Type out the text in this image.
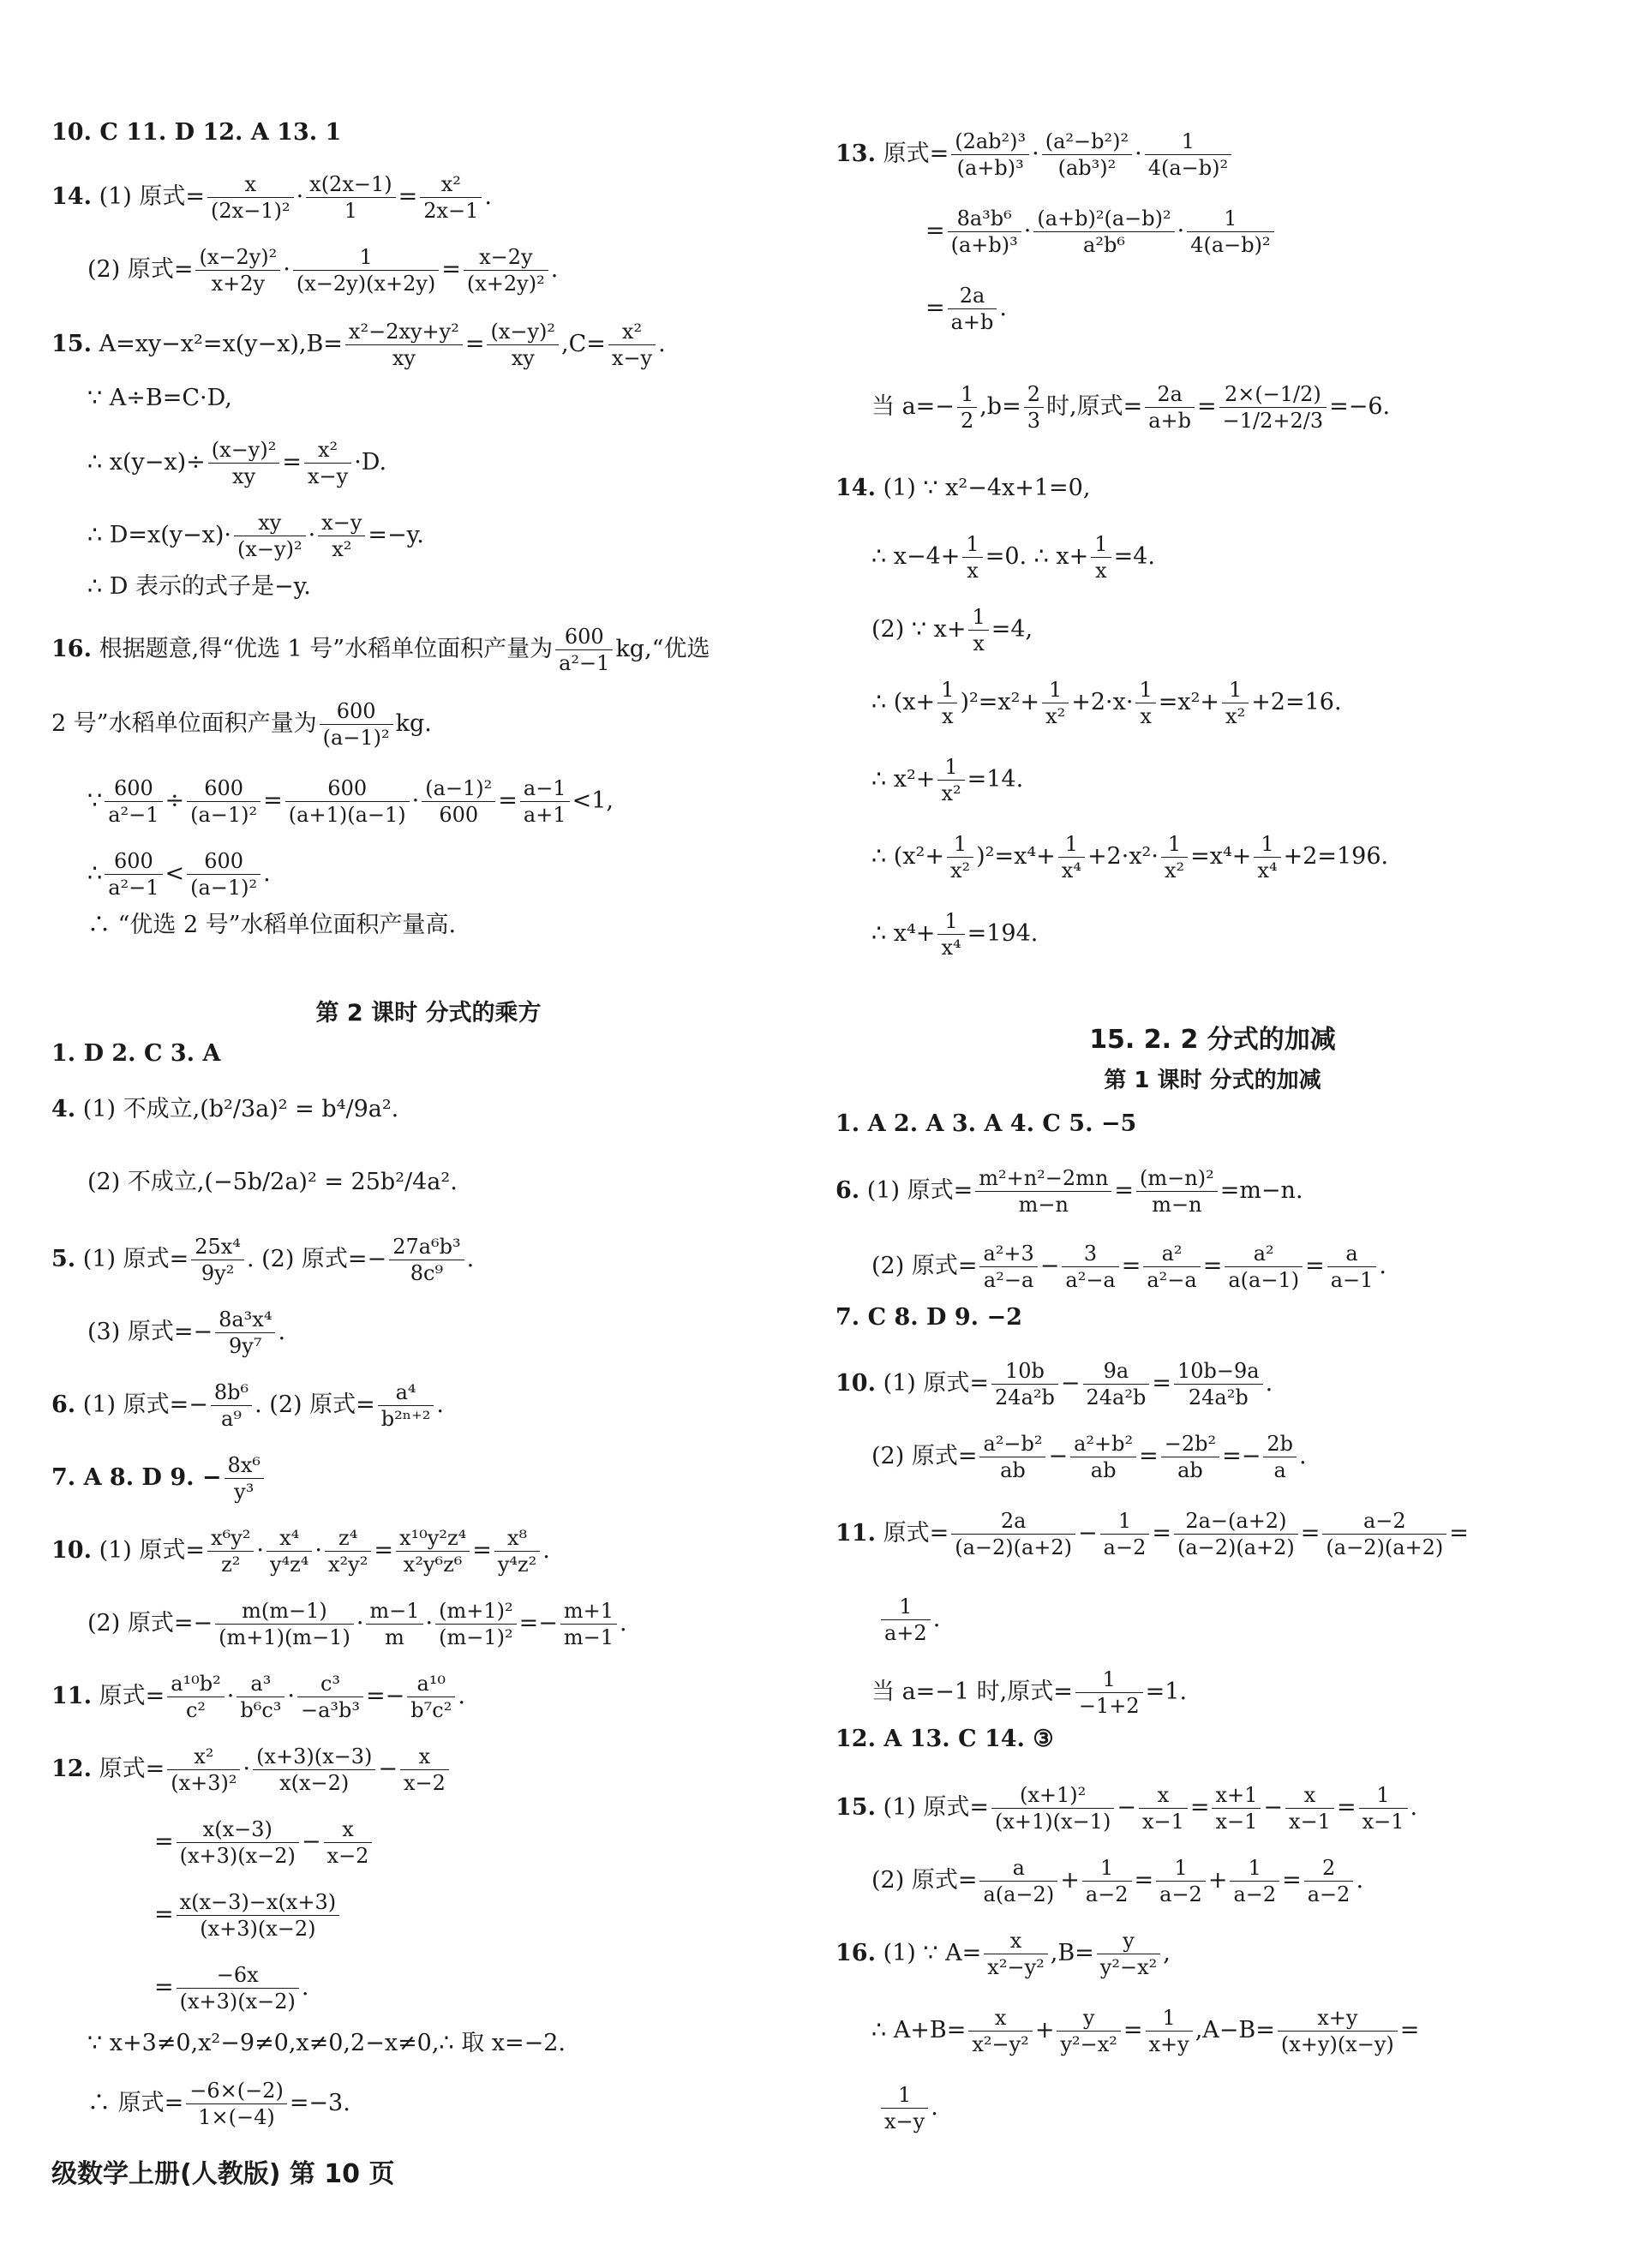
10. C 11. D 12. A 13. 1
14. (1) 原式= $\frac{x}{\text{(2x−1)²}} \cdot \frac{x(2x-1)}{1} = \frac{\text{x²}}{2x-1}$ .
(2) 原式= $\frac{\text{(x−2y)²}}{x+2y} \cdot \frac{1}{(x-2y)(x+2y)} = \frac{x-2y}{\text{(x+2y)²}}$ .
15. $A=xy-x^2=x(y-x),B= \frac{\text{x²−2xy+y²}}{xy} = \frac{\text{(x−y)²}}{xy} ,C= \frac{\text{x²}}{x-y}$ .
∵ A÷B=C·D,
∴ $x(y-x)\div \frac{\text{(x−y)²}}{xy} = \frac{\text{x²}}{x-y} \cdot D$.
∴ $D=x(y-x)\cdot \frac{xy}{\text{(x−y)²}} \cdot \frac{x-y}{\text{x²}} =-y$.
∴ D 表示的式子是−y.
16. 根据题意,得“优选 1 号”水稻单位面积产量为 $\frac{600}{\text{a²−1}}$ kg,“优选
2 号”水稻单位面积产量为 $\frac{600}{\text{(a−1)²}}$ kg.
∵ $\frac{600}{\text{a²−1}} \div \frac{600}{\text{(a−1)²}} = \frac{600}{(a+1)(a-1)} \cdot \frac{\text{(a−1)²}}{600} = \frac{a-1}{a+1} <1$,
∴ $\frac{600}{\text{a²−1}} < \frac{600}{\text{(a−1)²}}$ .
∴ “优选 2 号”水稻单位面积产量高.
第 2 课时 分式的乘方
1. D 2. C 3. A
4. (1) 不成立,(b²/3a)² = b⁴/9a².
(2) 不成立,(−5b/2a)² = 25b²/4a².
5. (1) 原式= $\frac{\text{25x⁴}}{\text{9y²}}$ . (2) 原式=− $\frac{\text{27a⁶b³}}{\text{8c⁹}}$ .
(3) 原式=− $\frac{\text{8a³x⁴}}{\text{9y⁷}}$ .
6. (1) 原式=− $\frac{\text{8b⁶}}{\text{a⁹}}$ . (2) 原式= $\frac{\text{a⁴}}{\text{b²ⁿ⁺²}}$ .
7. A 8. D 9. − $\frac{\text{8x⁶}}{\text{y³}}$
10. (1) 原式= $\frac{\text{x⁶y²}}{\text{z²}} \cdot \frac{\text{x⁴}}{\text{y⁴z⁴}} \cdot \frac{\text{z⁴}}{\text{x²y²}} = \frac{\text{x¹⁰y²z⁴}}{\text{x²y⁶z⁶}} = \frac{\text{x⁸}}{\text{y⁴z²}}$ .
(2) 原式=− $\frac{m(m-1)}{(m+1)(m-1)} \cdot \frac{m-1}{m} \cdot \frac{\text{(m+1)²}}{\text{(m−1)²}} =- \frac{m+1}{m-1}$ .
11. 原式= $\frac{\text{a¹⁰b²}}{\text{c²}} \cdot \frac{\text{a³}}{\text{b⁶c³}} \cdot \frac{\text{c³}}{\text{−a³b³}} =- \frac{\text{a¹⁰}}{\text{b⁷c²}}$ .
12. 原式= $\frac{\text{x²}}{\text{(x+3)²}} \cdot \frac{(x+3)(x-3)}{x(x-2)} - \frac{x}{x-2}$
= $\frac{x(x-3)}{(x+3)(x-2)} - \frac{x}{x-2}$
= $\frac{x(x-3)-x(x+3)}{(x+3)(x-2)}$
= $\frac{-6x}{(x+3)(x-2)}$ .
∵ x+3≠0,x²−9≠0,x≠0,2−x≠0,∴ 取 x=−2.
∴ 原式= $\frac{-6\times(-2)}{1\times(-4)} =-3$.
级数学上册(人教版) 第 10 页
13. 原式= $\frac{\text{(2ab²)³}}{\text{(a+b)³}} \cdot \frac{\text{(a²−b²)²}}{\text{(ab³)²}} \cdot \frac{1}{\text{4(a−b)²}}$
= $\frac{\text{8a³b⁶}}{\text{(a+b)³}} \cdot \frac{\text{(a+b)²(a−b)²}}{\text{a²b⁶}} \cdot \frac{1}{\text{4(a−b)²}}$
= $\frac{2a}{a+b}$ .
当 $a=- \frac{1}{2} ,b= \frac{2}{3}$ 时,原式= $\frac{2a}{a+b} = \frac{2\times(-1/2)}{-1/2+2/3} =-6$.
14. (1) ∵ x²−4x+1=0,
∴ $x-4+ \frac{1}{x} =0$. ∴ $x+ \frac{1}{x} =4$.
(2) ∵ $x+ \frac{1}{x} =4$,
∴ $(x+ \frac{1}{x} )^2=x^2+ \frac{1}{\text{x²}} +2\cdot x\cdot \frac{1}{x} =x^2+ \frac{1}{\text{x²}} +2=16$.
∴ $x^2+ \frac{1}{\text{x²}} =14$.
∴ $(x^2+ \frac{1}{\text{x²}} )^2=x^4+ \frac{1}{\text{x⁴}} +2\cdot x^2\cdot \frac{1}{\text{x²}} =x^4+ \frac{1}{\text{x⁴}} +2=196$.
∴ $x^4+ \frac{1}{\text{x⁴}} =194$.
15. 2. 2 分式的加减
第 1 课时 分式的加减
1. A 2. A 3. A 4. C 5. −5
6. (1) 原式= $\frac{\text{m²+n²−2mn}}{m-n} = \frac{\text{(m−n)²}}{m-n} =m-n$.
(2) 原式= $\frac{\text{a²+3}}{\text{a²−a}} - \frac{3}{\text{a²−a}} = \frac{\text{a²}}{\text{a²−a}} = \frac{\text{a²}}{a(a-1)} = \frac{a}{a-1}$ .
7. C 8. D 9. −2
10. (1) 原式= $\frac{10b}{\text{24a²b}} - \frac{9a}{\text{24a²b}} = \frac{10b-9a}{\text{24a²b}}$ .
(2) 原式= $\frac{\text{a²−b²}}{ab} - \frac{\text{a²+b²}}{ab} = \frac{\text{−2b²}}{ab} =- \frac{2b}{a}$ .
11. 原式= $\frac{2a}{(a-2)(a+2)} - \frac{1}{a-2} = \frac{2a-(a+2)}{(a-2)(a+2)} = \frac{a-2}{(a-2)(a+2)}$ =
$\frac{1}{a+2}$ .
当 a=−1 时,原式= $\frac{1}{-1+2} =1$.
12. A 13. C 14. ③
15. (1) 原式= $\frac{\text{(x+1)²}}{(x+1)(x-1)} - \frac{x}{x-1} = \frac{x+1}{x-1} - \frac{x}{x-1} = \frac{1}{x-1}$ .
(2) 原式= $\frac{a}{a(a-2)} + \frac{1}{a-2} = \frac{1}{a-2} + \frac{1}{a-2} = \frac{2}{a-2}$ .
16. (1) ∵ $A= \frac{x}{\text{x²−y²}} ,B= \frac{y}{\text{y²−x²}}$ ,
∴ $A+B= \frac{x}{\text{x²−y²}} + \frac{y}{\text{y²−x²}} = \frac{1}{x+y} ,A-B= \frac{x+y}{(x+y)(x-y)}$ =
$\frac{1}{x-y}$ .
